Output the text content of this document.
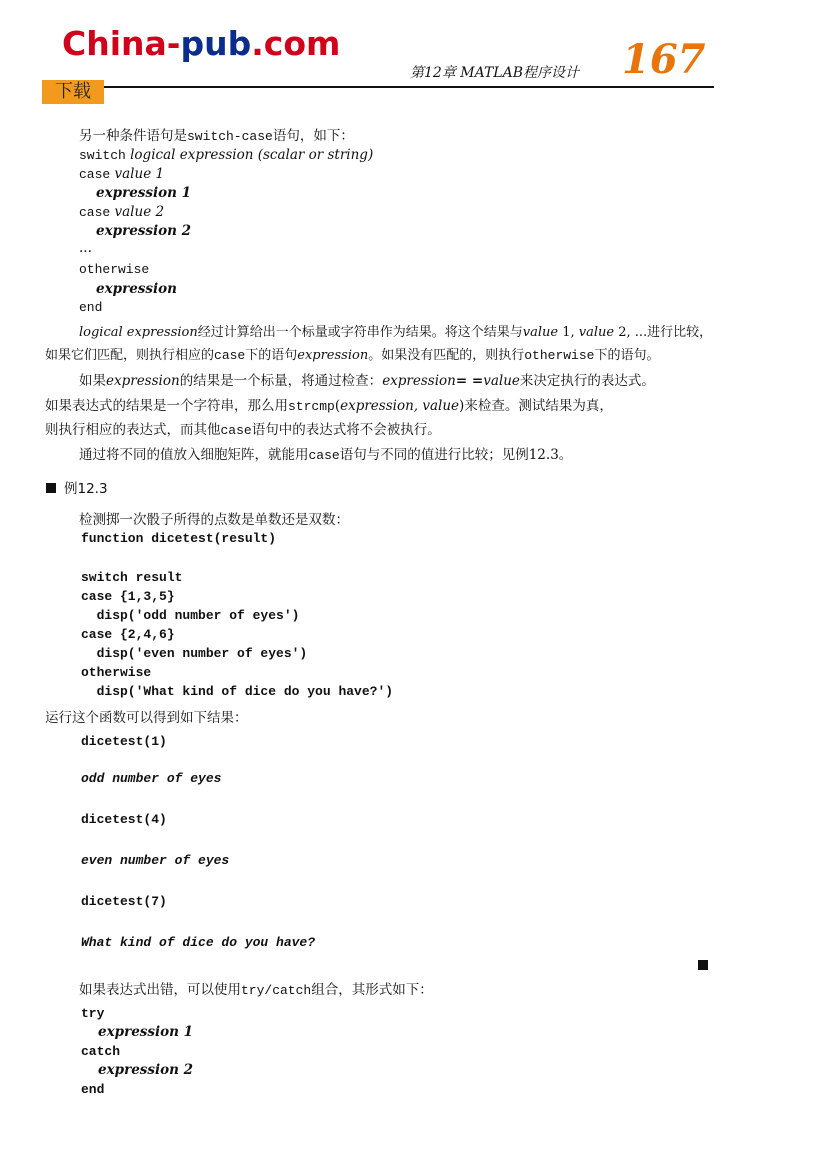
China-pub.com
下载
第12章 MATLAB程序设计 167
另一种条件语句是switch-case语句，如下：
switch logical expression (scalar or string)
case value 1
expression 1
case value 2
expression 2
...
otherwise
expression
end
logical expression经过计算给出一个标量或字符串作为结果。将这个结果与value 1, value 2, ...进行比较，
如果它们匹配，则执行相应的case下的语句expression。如果没有匹配的，则执行otherwise下的语句。
如果expression的结果是一个标量，将通过检查：expression= =value来决定执行的表达式。
如果表达式的结果是一个字符串，那么用strcmp(expression, value)来检查。测试结果为真，
则执行相应的表达式，而其他case语句中的表达式将不会被执行。
通过将不同的值放入细胞矩阵，就能用case语句与不同的值进行比较；见例12.3。
例12.3
检测掷一次骰子所得的点数是单数还是双数：
function dicetest(result)
switch result
case {1,3,5}
disp('odd number of eyes')
case {2,4,6}
disp('even number of eyes')
otherwise
disp('What kind of dice do you have?')
运行这个函数可以得到如下结果：
dicetest(1)
odd number of eyes
dicetest(4)
even number of eyes
dicetest(7)
What kind of dice do you have?
如果表达式出错，可以使用try/catch组合，其形式如下：
try
expression 1
catch
expression 2
end
